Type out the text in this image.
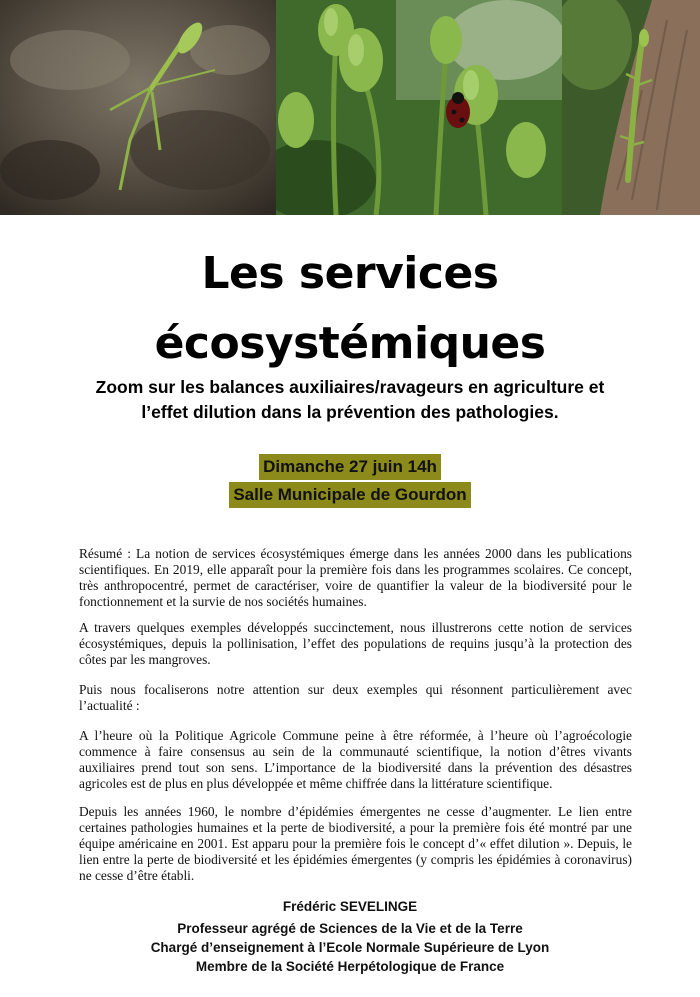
Les services
écosystémiques
Zoom sur les balances auxiliaires/ravageurs en agriculture et
l’effet dilution dans la prévention des pathologies.
Dimanche 27 juin 14h
Salle Municipale de Gourdon
Résumé : La notion de services écosystémiques émerge dans les années 2000 dans les publications scientifiques. En 2019, elle apparaît pour la première fois dans les programmes scolaires. Ce concept, très anthropocentré, permet de caractériser, voire de quantifier la valeur de la biodiversité pour le fonctionnement et la survie de nos sociétés humaines.
A travers quelques exemples développés succinctement, nous illustrerons cette notion de services écosystémiques, depuis la pollinisation, l’effet des populations de requins jusqu’à la protection des côtes par les mangroves.
Puis nous focaliserons notre attention sur deux exemples qui résonnent particulièrement avec l’actualité :
A l’heure où la Politique Agricole Commune peine à être réformée, à l’heure où l’agroécologie commence à faire consensus au sein de la communauté scientifique, la notion d’êtres vivants auxiliaires prend tout son sens. L’importance de la biodiversité dans la prévention des désastres agricoles est de plus en plus développée et même chiffrée dans la littérature scientifique.
Depuis les années 1960, le nombre d’épidémies émergentes ne cesse d’augmenter. Le lien entre certaines pathologies humaines et la perte de biodiversité, a pour la première fois été montré par une équipe américaine en 2001. Est apparu pour la première fois le concept d’« effet dilution ». Depuis, le lien entre la perte de biodiversité et les épidémies émergentes (y compris les épidémies à coronavirus) ne cesse d’être établi.
Frédéric SEVELINGE
Professeur agrégé de Sciences de la Vie et de la Terre
Chargé d’enseignement à l’Ecole Normale Supérieure de Lyon
Membre de la Société Herpétologique de France
